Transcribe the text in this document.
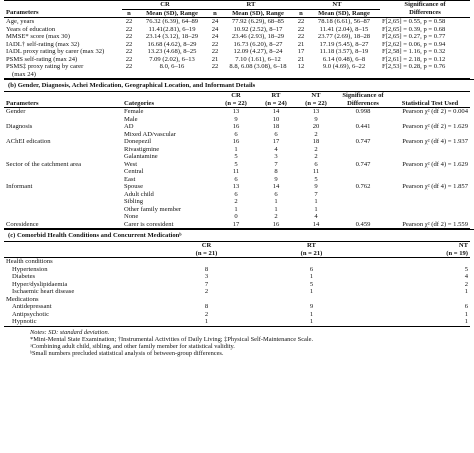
	CR		RT		NT		Significance of
Parameters	n	Mean (SD), Range	n	Mean (SD), Range	n	Mean (SD), Range	Differences
Age, years	22	76.32 (6.39), 64–89	24	77.92 (6.29), 68–85	22	78.18 (6.61), 56–87	F[2,65] = 0.55, p = 0.58
Years of education	22	11.41(2.81), 6–19	24	10.92 (2.52), 8–17	22	11.41 (2.04), 8–15	F[2,65] = 0.39, p = 0.68
MMSE* score (max 30)	22	23.14 (3.12), 18–29	24	23.46 (2.93), 18–29	22	23.77 (2.69), 18–28	F[2,65] = 0.27, p = 0.77
IADL† self-rating (max 32)	22	16.68 (4.62), 8–29	22	16.73 (6.20), 8–27	21	17.19 (5.45), 8–27	F[2,62] = 0.06, p = 0.94
IADL proxy rating by carer (max 32)	22	13.23 (4.68), 8–25	22	12.09 (4.27), 8–24	17	11.18 (3.57), 8–19	F[2,58] = 1.16, p = 0.32
PSMS self-rating (max 24)	22	7.09 (2.02), 6–13	21	7.10 (1.61), 6–12	21	6.14 (0.48), 6–8	F[2,61] = 2.18, p = 0.12
PSMS‡ proxy rating by carer	22	8.0, 6–16	22	8.8, 6.08 (3.08), 6–18	12	9.0 (4.69), 6–22	F[2,53] = 0.28, p = 0.76
(max 24)							
(b) Gender, Diagnosis, Achei Medication, Geographical Location, and Informant Details
		CR	RT	NT	Significance of	
Parameters	Categories	(n = 22)	(n = 24)	(n = 22)	Differences	Statistical Test Used
Gender	Female	13	14	13	0.998	Pearson χ² (df 2) = 0.004
	Male	9	10	9		
Diagnosis	AD	16	18	20	0.441	Pearson χ² (df 2) = 1.629
	Mixed AD/vascular	6	6	2		
AChEI edication	Donepezil	16	17	18	0.747	Pearson χ² (df 4) = 1.937
	Rivastigmine	1	4	2		
	Galantamine	5	3	2		
Sector of the catchment area	West	5	7	6	0.747	Pearson χ² (df 4) = 1.629
	Central	11	8	11		
	East	6	9	5		
Informant	Spouse	13	14	9	0.762	Pearson χ² (df 4) = 1.857
	Adult child	6	6	7		
	Sibling	2	1	1		
	Other family member	1	1	1		
	None	0	2	4		
Coresidence	Carer is coresident	17	16	14	0.459	Pearson χ² (df 2) = 1.559
(c) Comorbid Health Conditions and Concurrent Medicationᵇ
	CR	RT	NT
	(n = 21)	(n = 21)	(n = 19)
Health conditions			
Hypertension	8	6	5
Diabetes	3	1	4
Hyper/dyslipidaemia	7	5	2
Ischaemic heart disease	2	1	1
Medications			
Antidepressant	8	9	6
Antipsychotic	2	1	1
Hypnotic	1	1	1
Notes: SD: standard deviation.
*Mini-Mental State Examination; †Instrumental Activities of Daily Living; ‡Physical Self-Maintenance Scale.
ᵃCombining adult child, sibling, and other family member for statistical validity.
ᵇSmall numbers precluded statistical analysis of between-group differences.
